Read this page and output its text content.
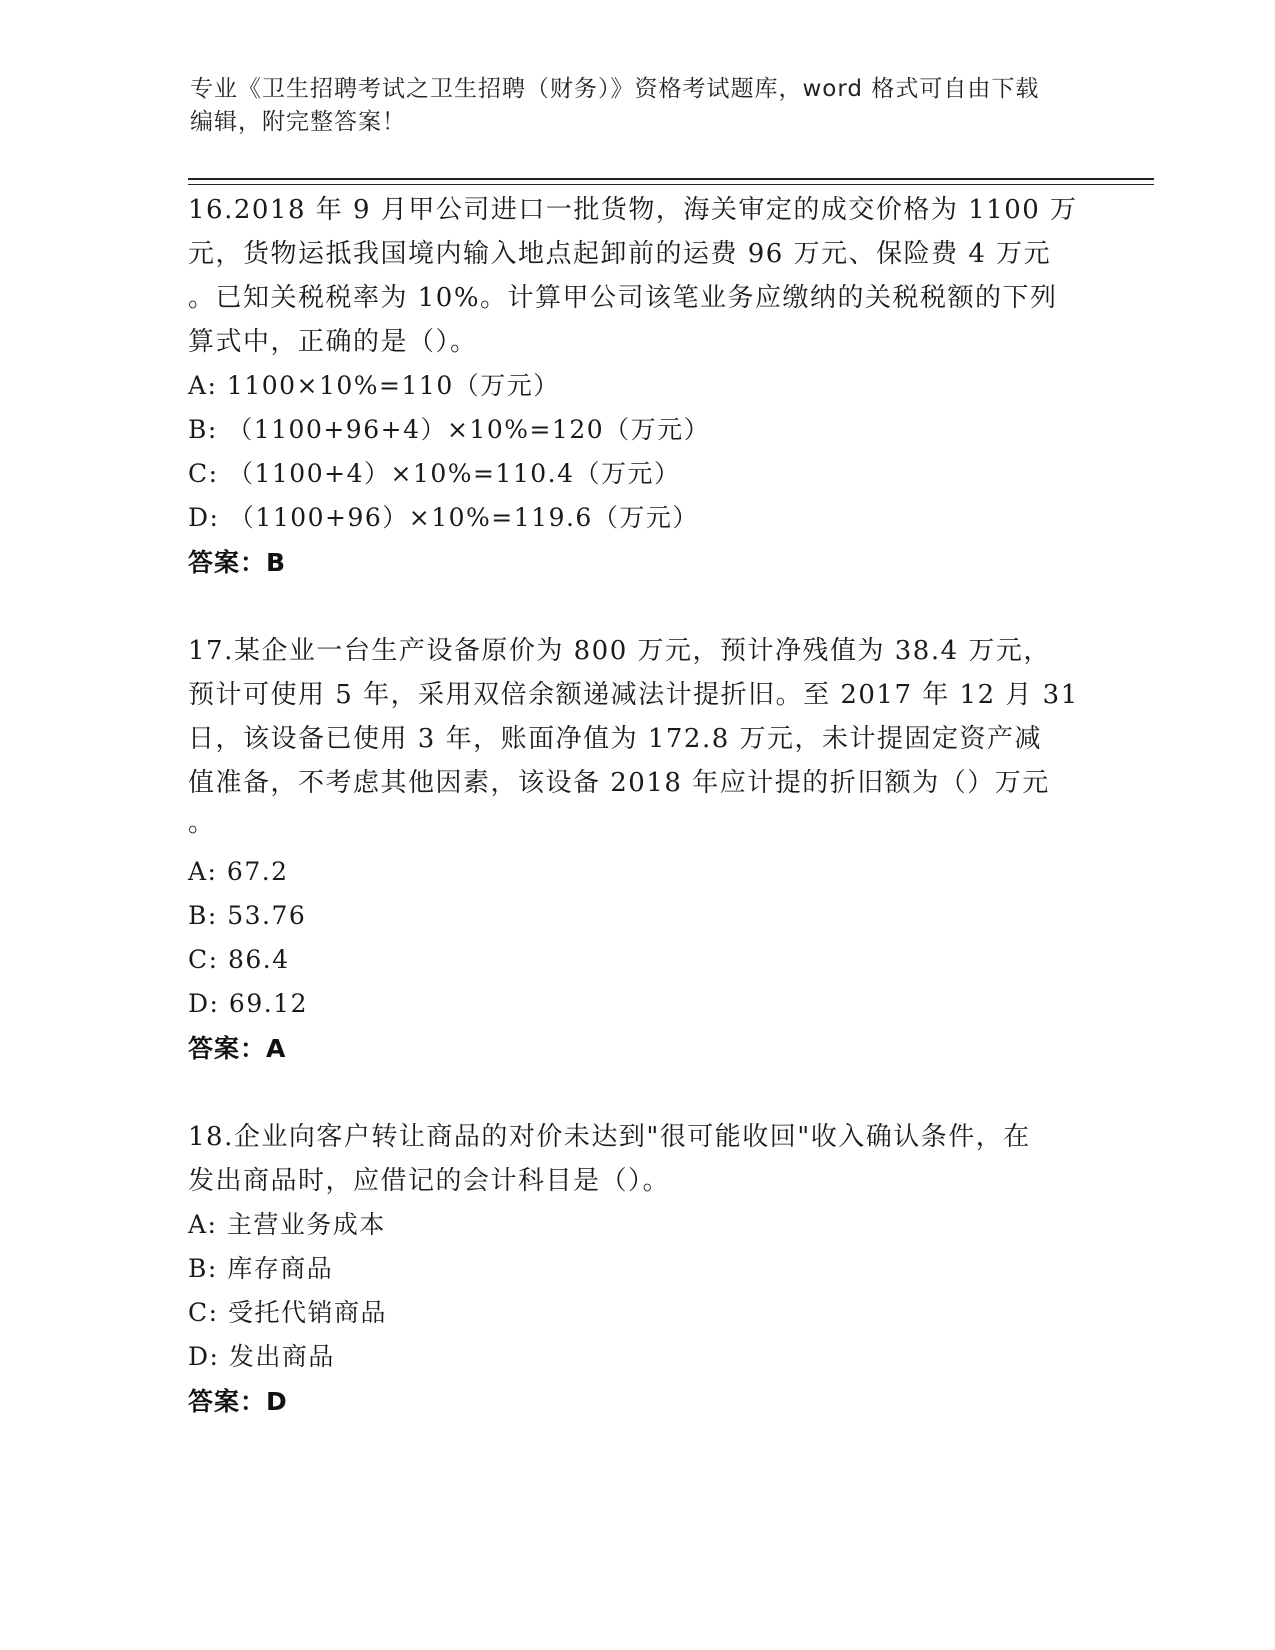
专业《卫生招聘考试之卫生招聘（财务）》资格考试题库，word 格式可自由下载
编辑，附完整答案！
16.2018 年 9 月甲公司进口一批货物，海关审定的成交价格为 1100 万
元，货物运抵我国境内输入地点起卸前的运费 96 万元、保险费 4 万元
。已知关税税率为 10%。计算甲公司该笔业务应缴纳的关税税额的下列
算式中，正确的是（）。
A: 1100×10%=110（万元）
B: （1100+96+4）×10%=120（万元）
C: （1100+4）×10%=110.4（万元）
D: （1100+96）×10%=119.6（万元）
答案：B
17.某企业一台生产设备原价为 800 万元，预计净残值为 38.4 万元，
预计可使用 5 年，采用双倍余额递减法计提折旧。至 2017 年 12 月 31
日，该设备已使用 3 年，账面净值为 172.8 万元，未计提固定资产减
值准备，不考虑其他因素，该设备 2018 年应计提的折旧额为（）万元
。
A: 67.2
B: 53.76
C: 86.4
D: 69.12
答案：A
18.企业向客户转让商品的对价未达到"很可能收回"收入确认条件，在
发出商品时，应借记的会计科目是（）。
A: 主营业务成本
B: 库存商品
C: 受托代销商品
D: 发出商品
答案：D
